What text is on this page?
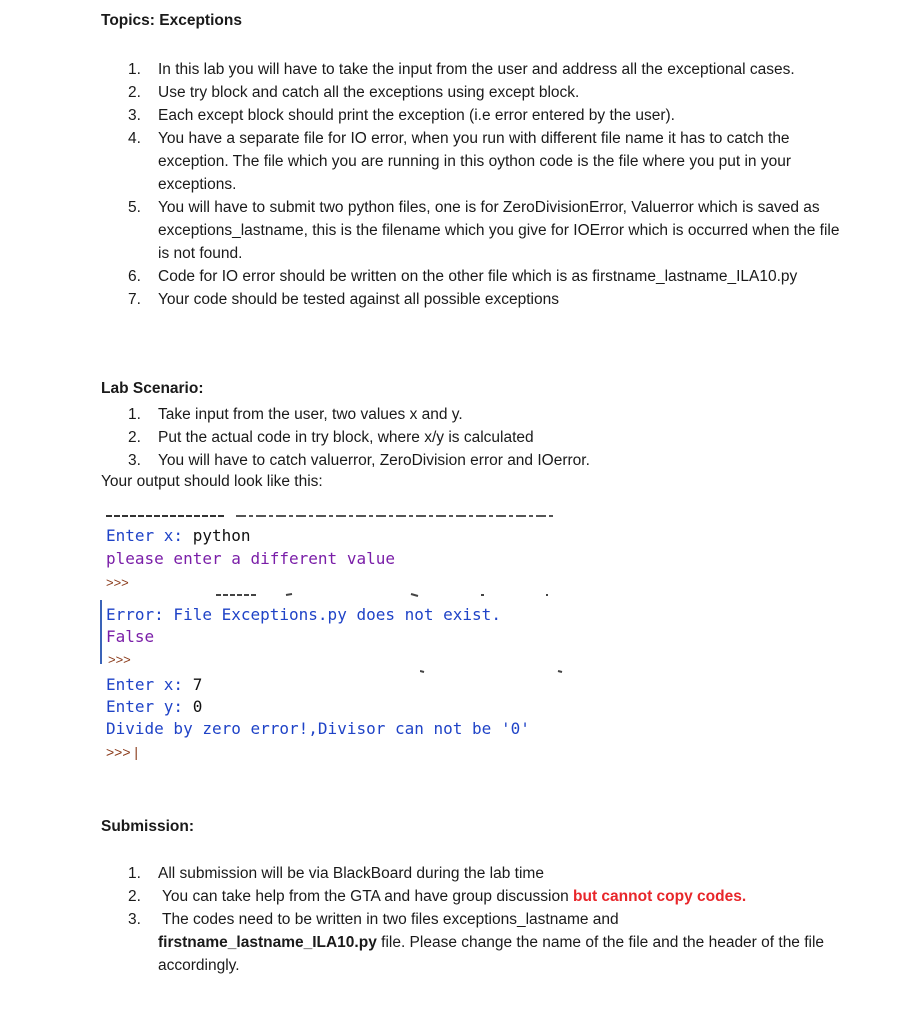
Topics: Exceptions
1. In this lab you will have to take the input from the user and address all the exceptional cases.
2. Use try block and catch all the exceptions using except block.
3. Each except block should print the exception (i.e error entered by the user).
4. You have a separate file for IO error, when you run with different file name it has to catch the exception. The file which you are running in this oython code is the file where you put in your exceptions.
5. You will have to submit two python files, one is for ZeroDivisionError, Valuerror which is saved as exceptions_lastname, this is the filename which you give for IOError which is occurred when the file is not found.
6. Code for IO error should be written on the other file which is as firstname_lastname_ILA10.py
7. Your code should be tested against all possible exceptions
Lab Scenario:
1. Take input from the user, two values x and y.
2. Put the actual code in try block, where x/y is calculated
3. You will have to catch valuerror, ZeroDivision error and IOerror.
Your output should look like this:
Enter x: python
please enter a different value
>>>
Error: File Exceptions.py does not exist.
False
>>>
Enter x: 7
Enter y: 0
Divide by zero error!,Divisor can not be '0'
>>> |
Submission:
1. All submission will be via BlackBoard during the lab time
2. You can take help from the GTA and have group discussion but cannot copy codes.
3. The codes need to be written in two files exceptions_lastname and
firstname_lastname_ILA10.py file. Please change the name of the file and the header of the file accordingly.
